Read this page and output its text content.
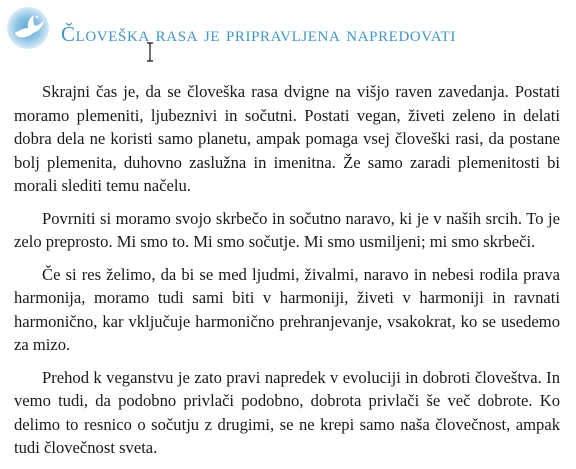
Človeška rasa je pripravljena napredovati

Skrajni čas je, da se človeška rasa dvigne na višjo raven zavedanja. Postati moramo plemeniti, ljubeznivi in sočutni. Postati vegan, živeti zeleno in delati dobra dela ne koristi samo planetu, ampak pomaga vsej človeški rasi, da postane bolj plemenita, duhovno zaslužna in imenitna. Že samo zaradi plemenitosti bi morali slediti temu načelu.

Povrniti si moramo svojo skrbečo in sočutno naravo, ki je v naših srcih. To je zelo preprosto. Mi smo to. Mi smo sočutje. Mi smo usmiljeni; mi smo skrbeči.

Če si res želimo, da bi se med ljudmi, živalmi, naravo in nebesi rodila prava harmonija, moramo tudi sami biti v harmoniji, živeti v harmoniji in ravnati harmonično, kar vključuje harmonično prehranjevanje, vsakokrat, ko se usedemo za mizo.

Prehod k veganstvu je zato pravi napredek v evoluciji in dobroti človeštva. In vemo tudi, da podobno privlači podobno, dobrota privlači še več dobrote. Ko delimo to resnico o sočutju z drugimi, se ne krepi samo naša človečnost, ampak tudi človečnost sveta.
